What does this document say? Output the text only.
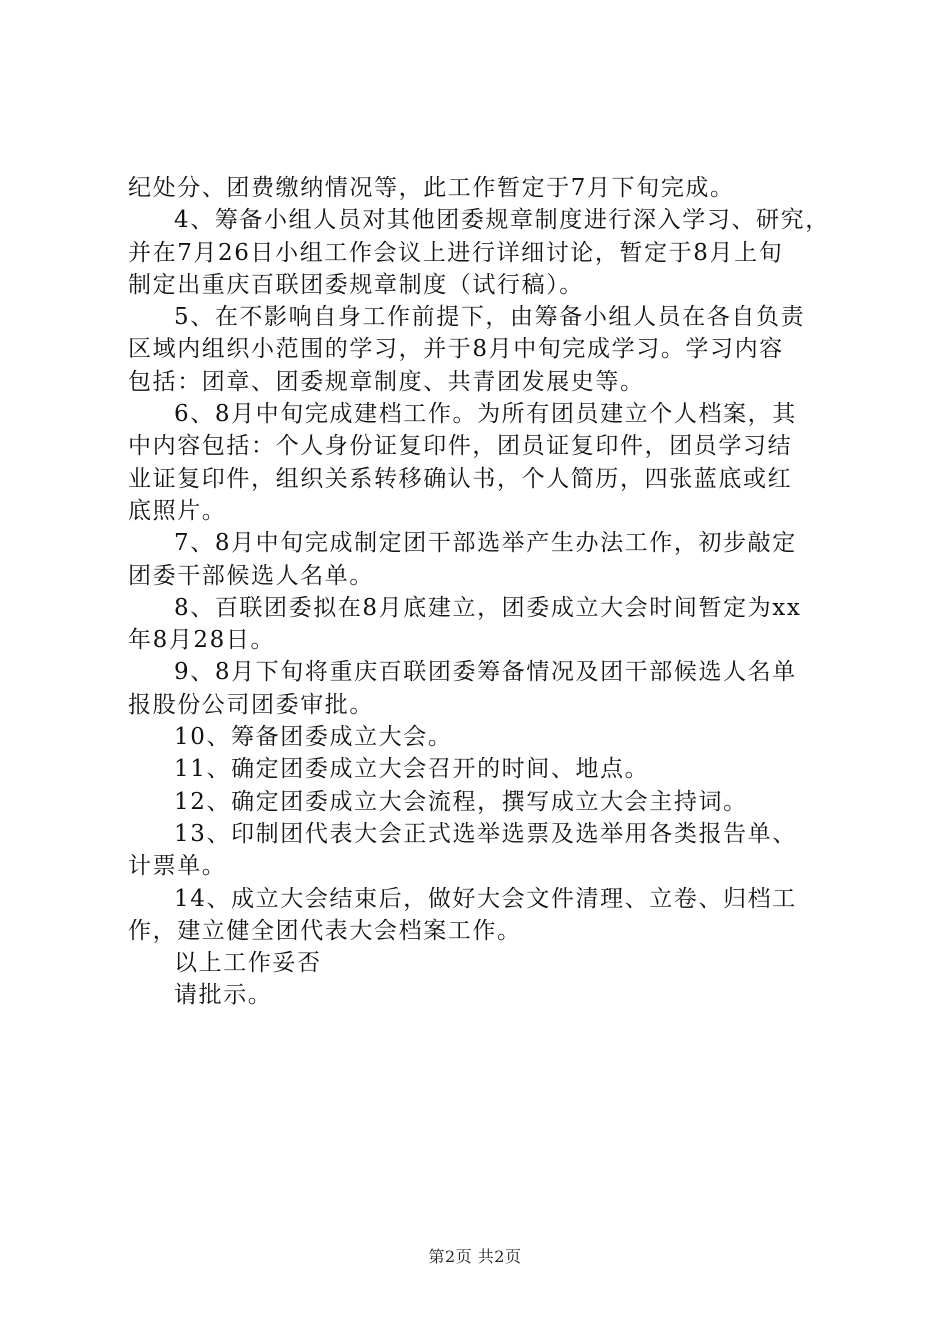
纪处分、团费缴纳情况等，此工作暂定于7月下旬完成。
4、筹备小组人员对其他团委规章制度进行深入学习、研究，
并在7月26日小组工作会议上进行详细讨论，暂定于8月上旬
制定出重庆百联团委规章制度（试行稿）。
5、在不影响自身工作前提下，由筹备小组人员在各自负责
区域内组织小范围的学习，并于8月中旬完成学习。学习内容
包括：团章、团委规章制度、共青团发展史等。
6、8月中旬完成建档工作。为所有团员建立个人档案，其
中内容包括：个人身份证复印件，团员证复印件，团员学习结
业证复印件，组织关系转移确认书，个人简历，四张蓝底或红
底照片。
7、8月中旬完成制定团干部选举产生办法工作，初步敲定
团委干部候选人名单。
8、百联团委拟在8月底建立，团委成立大会时间暂定为xx
年8月28日。
9、8月下旬将重庆百联团委筹备情况及团干部候选人名单
报股份公司团委审批。
10、筹备团委成立大会。
11、确定团委成立大会召开的时间、地点。
12、确定团委成立大会流程，撰写成立大会主持词。
13、印制团代表大会正式选举选票及选举用各类报告单、
计票单。
14、成立大会结束后，做好大会文件清理、立卷、归档工
作，建立健全团代表大会档案工作。
以上工作妥否
请批示。
第2页 共2页
